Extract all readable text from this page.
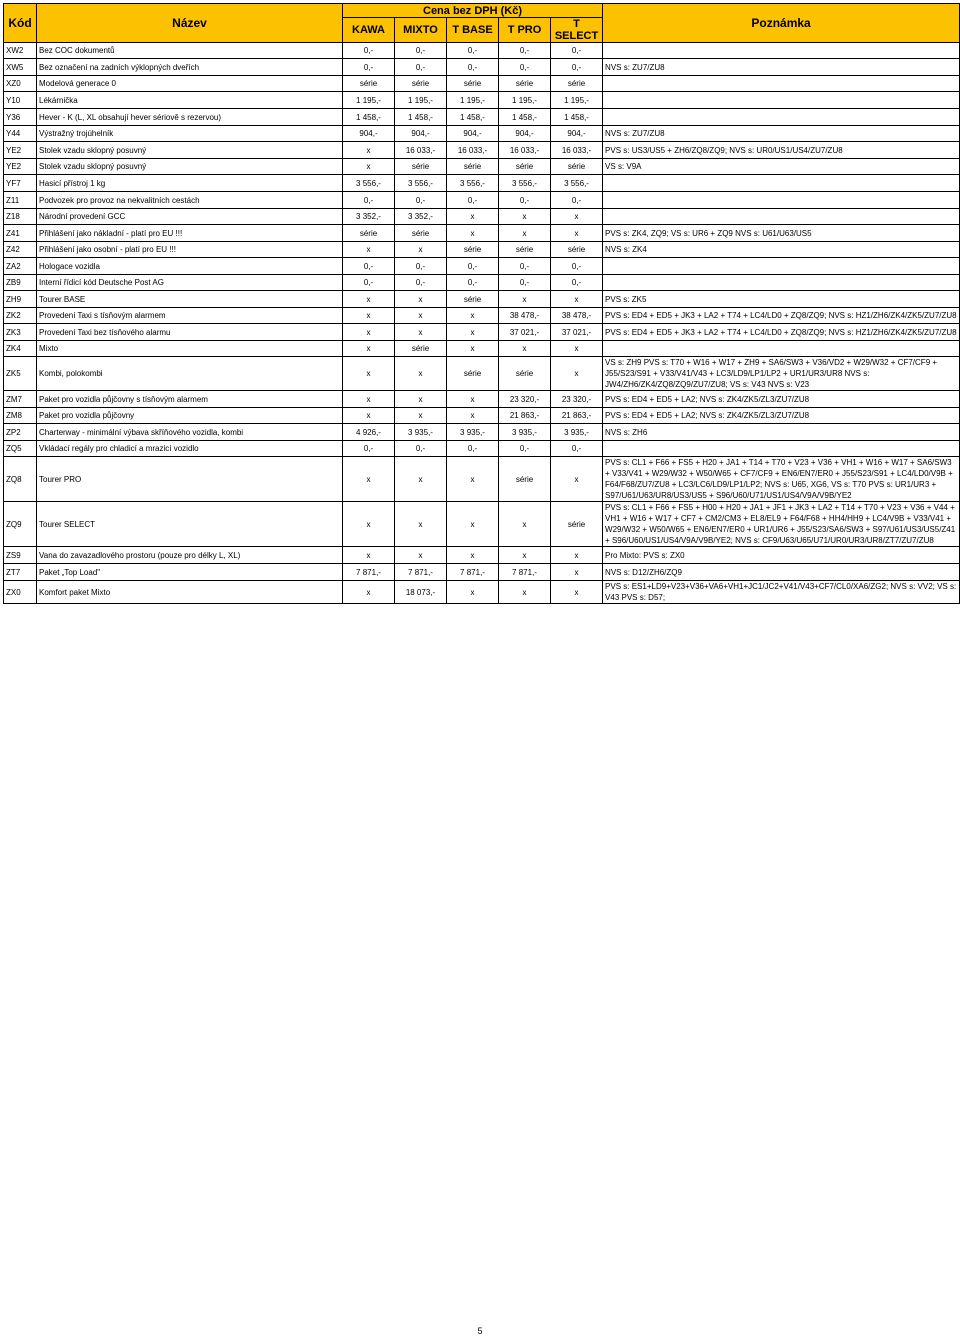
Kód	Název	Cena bez DPH (Kč)					Poznámka
		KAWA	MIXTO	T BASE	T PRO	T SELECT	
XW2	Bez COC dokumentů	0,-	0,-	0,-	0,-	0,-	
XW5	Bez označení na zadních výklopných dveřích	0,-	0,-	0,-	0,-	0,-	NVS s: ZU7/ZU8
XZ0	Modelová generace 0	série	série	série	série	série	
Y10	Lékárnička	1 195,-	1 195,-	1 195,-	1 195,-	1 195,-	
Y36	Hever - K (L, XL obsahují hever sériově s rezervou)	1 458,-	1 458,-	1 458,-	1 458,-	1 458,-	
Y44	Výstražný trojúhelník	904,-	904,-	904,-	904,-	904,-	NVS s: ZU7/ZU8
YE2	Stolek vzadu sklopný posuvný	x	16 033,-	16 033,-	16 033,-	16 033,-	PVS s: US3/US5 + ZH6/ZQ8/ZQ9; NVS s: UR0/US1/US4/ZU7/ZU8
YE2	Stolek vzadu sklopný posuvný	x	série	série	série	série	VS s: V9A
YF7	Hasicí přístroj 1 kg	3 556,-	3 556,-	3 556,-	3 556,-	3 556,-	
Z11	Podvozek pro provoz na nekvalitních cestách	0,-	0,-	0,-	0,-	0,-	
Z18	Národní provedení GCC	3 352,-	3 352,-	x	x	x	
Z41	Přihlášení jako nákladní - platí pro EU !!!	série	série	x	x	x	PVS s: ZK4, ZQ9; VS s: UR6 + ZQ9 NVS s: U61/U63/US5
Z42	Přihlášení jako osobní - platí pro EU !!!	x	x	série	série	série	NVS s: ZK4
ZA2	Hologace vozidla	0,-	0,-	0,-	0,-	0,-	
ZB9	Interní řídicí kód Deutsche Post AG	0,-	0,-	0,-	0,-	0,-	
ZH9	Tourer BASE	x	x	série	x	x	PVS s: ZK5
ZK2	Provedení Taxi s tísňovým alarmem	x	x	x	38 478,-	38 478,-	PVS s: ED4 + ED5 + JK3 + LA2 + T74 + LC4/LD0 + ZQ8/ZQ9; NVS s: HZ1/ZH6/ZK4/ZK5/ZU7/ZU8
ZK3	Provedení Taxi bez tísňového alarmu	x	x	x	37 021,-	37 021,-	PVS s: ED4 + ED5 + JK3 + LA2 + T74 + LC4/LD0 + ZQ8/ZQ9; NVS s: HZ1/ZH6/ZK4/ZK5/ZU7/ZU8
ZK4	Mixto	x	série	x	x	x	
ZK5	Kombi, polokombi	x	x	série	série	x	VS s: ZH9 PVS s: T70 + W16 + W17 + ZH9 + SA6/SW3 + V36/VD2 + W29/W32 + CF7/CF9 + J55/S23/S91 + V33/V41/V43 + LC3/LD9/LP1/LP2 + UR1/UR3/UR8 NVS s: JW4/ZH6/ZK4/ZQ8/ZQ9/ZU7/ZU8; VS s: V43 NVS s: V23
ZM7	Paket pro vozidla půjčovny s tísňovým alarmem	x	x	x	23 320,-	23 320,-	PVS s: ED4 + ED5 + LA2; NVS s: ZK4/ZK5/ZL3/ZU7/ZU8
ZM8	Paket pro vozidla půjčovny	x	x	x	21 863,-	21 863,-	PVS s: ED4 + ED5 + LA2; NVS s: ZK4/ZK5/ZL3/ZU7/ZU8
ZP2	Charterway - minimální výbava skříňového vozidla, kombi	4 926,-	3 935,-	3 935,-	3 935,-	3 935,-	NVS s: ZH6
ZQ5	Vkládací regály pro chladicí a mrazicí vozidlo	0,-	0,-	0,-	0,-	0,-	
ZQ8	Tourer PRO	x	x	x	série	x	PVS s: CL1 + F66 + FS5 + H20 + JA1 + T14 + T70 + V23 + V36 + VH1 + W16 + W17 + SA6/SW3 + V33/V41 + W29/W32 + W50/W65 + CF7/CF9 + EN6/EN7/ER0 + J55/S23/S91 + LC4/LD0/V9B + F64/F68/ZU7/ZU8 + LC3/LC6/LD9/LP1/LP2; NVS s: U65, XG6, VS s: T70 PVS s: UR1/UR3 + S97/U61/U63/UR8/US3/US5 + S96/U60/U71/US1/US4/V9A/V9B/YE2
ZQ9	Tourer SELECT	x	x	x	x	série	PVS s: CL1 + F66 + FS5 + H00 + H20 + JA1 + JF1 + JK3 + LA2 + T14 + T70 + V23 + V36 + V44 + VH1 + W16 + W17 + CF7 + CM2/CM3 + EL8/EL9 + F64/F68 + HH4/HH9 + LC4/V9B + V33/V41 + W29/W32 + W50/W65 + EN6/EN7/ER0 + UR1/UR6 + J55/S23/SA6/SW3 + S97/U61/US3/US5/Z41 + S96/U60/US1/US4/V9A/V9B/YE2; NVS s: CF9/U63/U65/U71/UR0/UR3/UR8/ZT7/ZU7/ZU8
ZS9	Vana do zavazadlového prostoru (pouze pro délky L, XL)	x	x	x	x	x	Pro Mixto: PVS s: ZX0
ZT7	Paket „Top Load"	7 871,-	7 871,-	7 871,-	7 871,-	x	NVS s: D12/ZH6/ZQ9
ZX0	Komfort paket Mixto	x	18 073,-	x	x	x	PVS s: ES1+LD9+V23+V36+VA6+VH1+JC1/JC2+V41/V43+CF7/CL0/XA6/ZG2; NVS s: VV2; VS s: V43 PVS s: D57;
5
